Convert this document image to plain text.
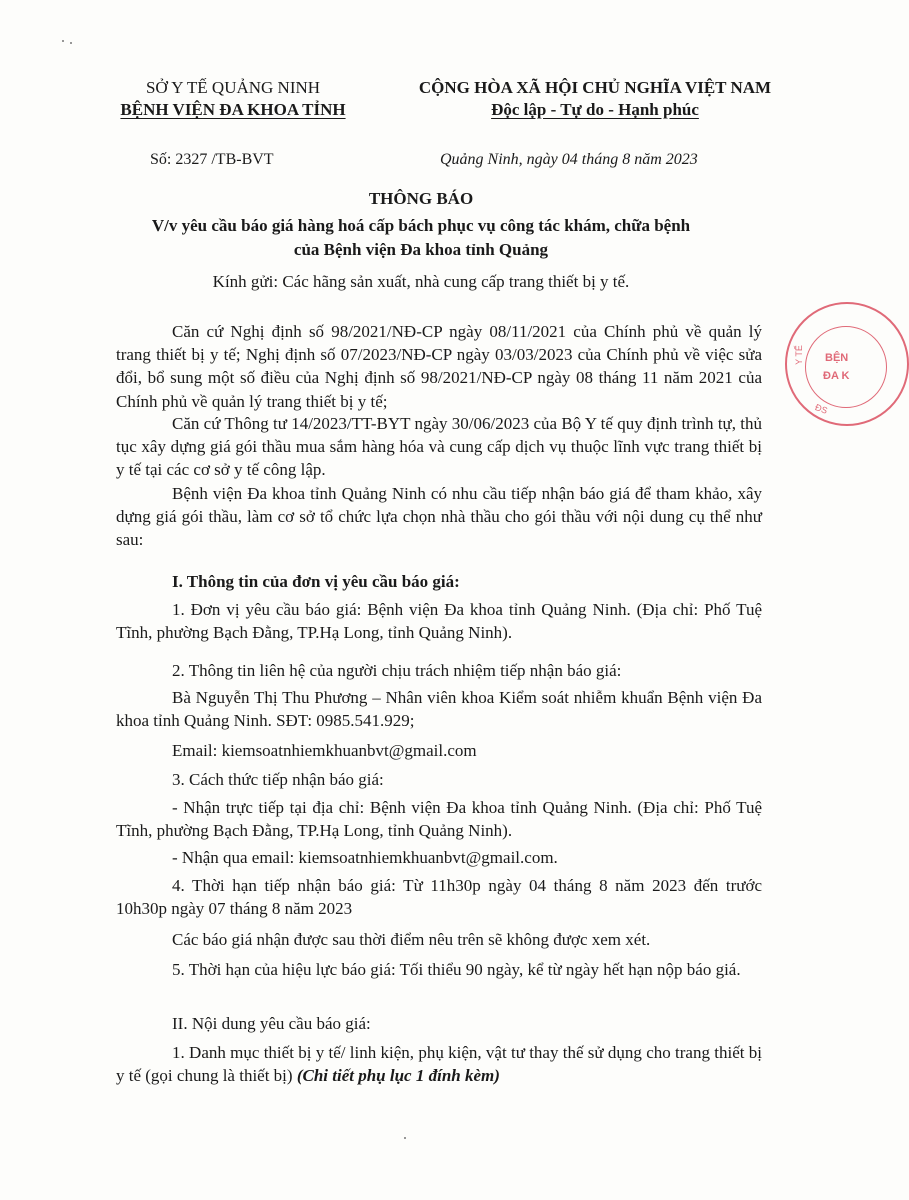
SỞ Y TẾ QUẢNG NINH
BỆNH VIỆN ĐA KHOA TỈNH
CỘNG HÒA XÃ HỘI CHỦ NGHĨA VIỆT NAM
Độc lập - Tự do - Hạnh phúc
Số: 2327 /TB-BVT	Quảng Ninh, ngày 04 tháng 8 năm 2023
THÔNG BÁO
V/v yêu cầu báo giá hàng hoá cấp bách phục vụ công tác khám, chữa bệnh
của Bệnh viện Đa khoa tỉnh Quảng
Kính gửi: Các hãng sản xuất, nhà cung cấp trang thiết bị y tế.
BỆN
ĐA K
Y TẾ
ĐS
Căn cứ Nghị định số 98/2021/NĐ-CP ngày 08/11/2021 của Chính phủ về quản lý trang thiết bị y tế; Nghị định số 07/2023/NĐ-CP ngày 03/03/2023 của Chính phủ về việc sửa đổi, bổ sung một số điều của Nghị định số 98/2021/NĐ-CP ngày 08 tháng 11 năm 2021 của Chính phủ về quản lý trang thiết bị y tế;
Căn cứ Thông tư 14/2023/TT-BYT ngày 30/06/2023 của Bộ Y tế quy định trình tự, thủ tục xây dựng giá gói thầu mua sắm hàng hóa và cung cấp dịch vụ thuộc lĩnh vực trang thiết bị y tế tại các cơ sở y tế công lập.
Bệnh viện Đa khoa tỉnh Quảng Ninh có nhu cầu tiếp nhận báo giá để tham khảo, xây dựng giá gói thầu, làm cơ sở tổ chức lựa chọn nhà thầu cho gói thầu với nội dung cụ thể như sau:
I. Thông tin của đơn vị yêu cầu báo giá:
1. Đơn vị yêu cầu báo giá: Bệnh viện Đa khoa tỉnh Quảng Ninh. (Địa chỉ: Phố Tuệ Tĩnh, phường Bạch Đằng, TP.Hạ Long, tỉnh Quảng Ninh).
2. Thông tin liên hệ của người chịu trách nhiệm tiếp nhận báo giá:
Bà Nguyễn Thị Thu Phương – Nhân viên khoa Kiểm soát nhiễm khuẩn Bệnh viện Đa khoa tỉnh Quảng Ninh. SĐT: 0985.541.929;
Email: kiemsoatnhiemkhuanbvt@gmail.com
3. Cách thức tiếp nhận báo giá:
- Nhận trực tiếp tại địa chỉ: Bệnh viện Đa khoa tỉnh Quảng Ninh. (Địa chỉ: Phố Tuệ Tĩnh, phường Bạch Đằng, TP.Hạ Long, tỉnh Quảng Ninh).
- Nhận qua email: kiemsoatnhiemkhuanbvt@gmail.com.
4. Thời hạn tiếp nhận báo giá: Từ 11h30p ngày 04 tháng 8 năm 2023 đến trước 10h30p ngày 07 tháng 8 năm 2023
Các báo giá nhận được sau thời điểm nêu trên sẽ không được xem xét.
5. Thời hạn của hiệu lực báo giá: Tối thiểu 90 ngày, kể từ ngày hết hạn nộp báo giá.
II. Nội dung yêu cầu báo giá:
1. Danh mục thiết bị y tế/ linh kiện, phụ kiện, vật tư thay thế sử dụng cho trang thiết bị y tế (gọi chung là thiết bị) (Chi tiết phụ lục 1 đính kèm)
